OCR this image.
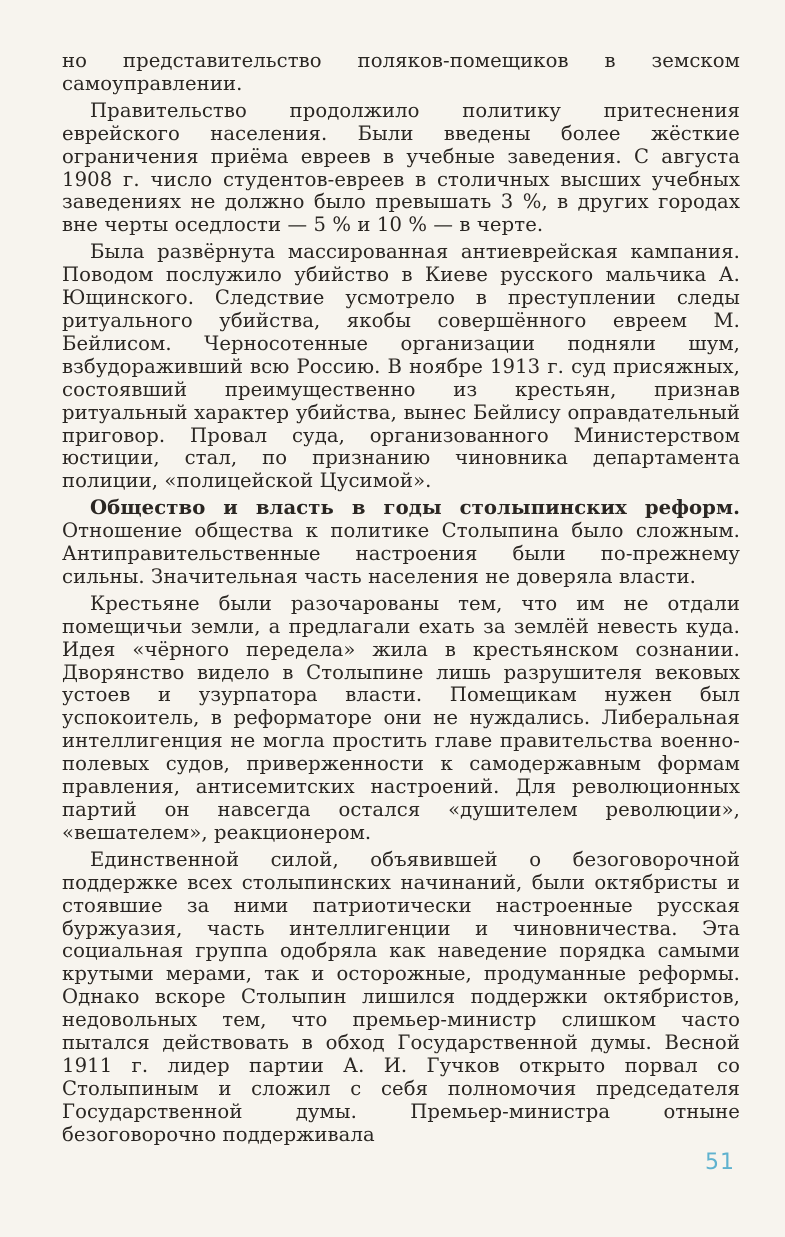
но представительство поляков-помещиков в земском самоуправлении.

Правительство продолжило политику притеснения еврейского населения. Были введены более жёсткие ограничения приёма евреев в учебные заведения. С августа 1908 г. число студентов-евреев в столичных высших учебных заведениях не должно было превышать 3 %, в других городах вне черты оседлости — 5 % и 10 % — в черте.

Была развёрнута массированная антиеврейская кампания. Поводом послужило убийство в Киеве русского мальчика А. Ющинского. Следствие усмотрело в преступлении следы ритуального убийства, якобы совершённого евреем М. Бейлисом. Черносотенные организации подняли шум, взбудораживший всю Россию. В ноябре 1913 г. суд присяжных, состоявший преимущественно из крестьян, признав ритуальный характер убийства, вынес Бейлису оправдательный приговор. Провал суда, организованного Министерством юстиции, стал, по признанию чиновника департамента полиции, «полицейской Цусимой».

Общество и власть в годы столыпинских реформ. Отношение общества к политике Столыпина было сложным. Антиправительственные настроения были по-прежнему сильны. Значительная часть населения не доверяла власти.

Крестьяне были разочарованы тем, что им не отдали помещичьи земли, а предлагали ехать за землёй невесть куда. Идея «чёрного передела» жила в крестьянском сознании. Дворянство видело в Столыпине лишь разрушителя вековых устоев и узурпатора власти. Помещикам нужен был успокоитель, в реформаторе они не нуждались. Либеральная интеллигенция не могла простить главе правительства военно-полевых судов, приверженности к самодержавным формам правления, антисемитских настроений. Для революционных партий он навсегда остался «душителем революции», «вешателем», реакционером.

Единственной силой, объявившей о безоговорочной поддержке всех столыпинских начинаний, были октябристы и стоявшие за ними патриотически настроенные русская буржуазия, часть интеллигенции и чиновничества. Эта социальная группа одобряла как наведение порядка самыми крутыми мерами, так и осторожные, продуманные реформы. Однако вскоре Столыпин лишился поддержки октябристов, недовольных тем, что премьер-министр слишком часто пытался действовать в обход Государственной думы. Весной 1911 г. лидер партии А. И. Гучков открыто порвал со Столыпиным и сложил с себя полномочия председателя Государственной думы. Премьер-министра отныне безоговорочно поддерживала

51
